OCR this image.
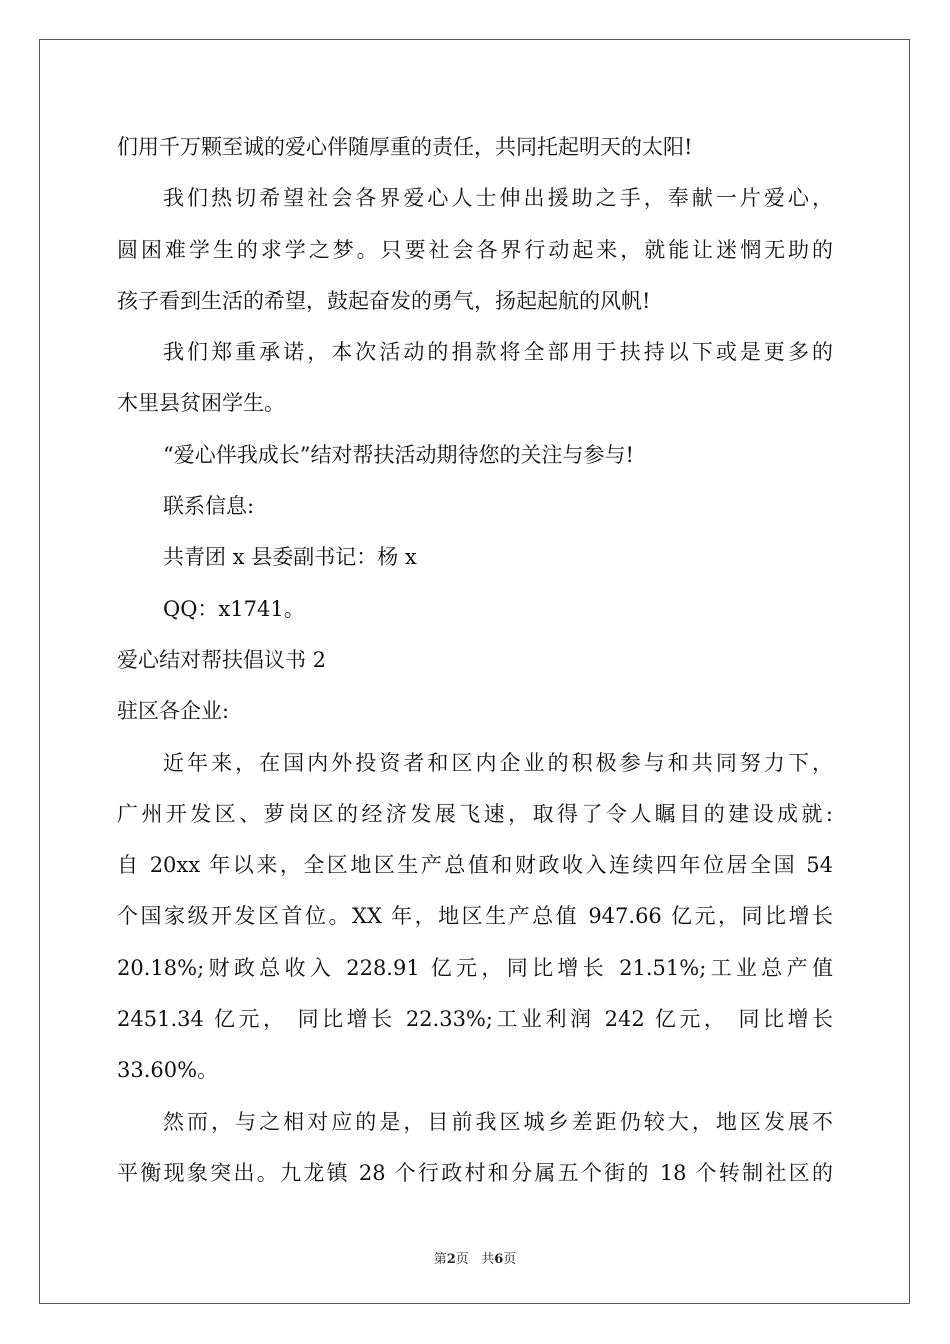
们用千万颗至诚的爱心伴随厚重的责任，共同托起明天的太阳!
我们热切希望社会各界爱心人士伸出援助之手，奉献一片爱心，
圆困难学生的求学之梦。只要社会各界行动起来，就能让迷惘无助的
孩子看到生活的希望，鼓起奋发的勇气，扬起起航的风帆!
我们郑重承诺，本次活动的捐款将全部用于扶持以下或是更多的
木里县贫困学生。
“爱心伴我成长”结对帮扶活动期待您的关注与参与!
联系信息:
共青团 x 县委副书记：杨 x
QQ：x1741。
爱心结对帮扶倡议书 2
驻区各企业:
近年来，在国内外投资者和区内企业的积极参与和共同努力下，
广州开发区、萝岗区的经济发展飞速，取得了令人瞩目的建设成就:
自 20xx 年以来，全区地区生产总值和财政收入连续四年位居全国 54
个国家级开发区首位。XX 年，地区生产总值 947.66 亿元，同比增长
20.18%;财政总收入 228.91 亿元，同比增长 21.51%;工业总产值
2451.34 亿元， 同比增长 22.33%;工业利润 242 亿元， 同比增长
33.60%。
然而，与之相对应的是，目前我区城乡差距仍较大，地区发展不
平衡现象突出。九龙镇 28 个行政村和分属五个街的 18 个转制社区的
第2页 共6页
